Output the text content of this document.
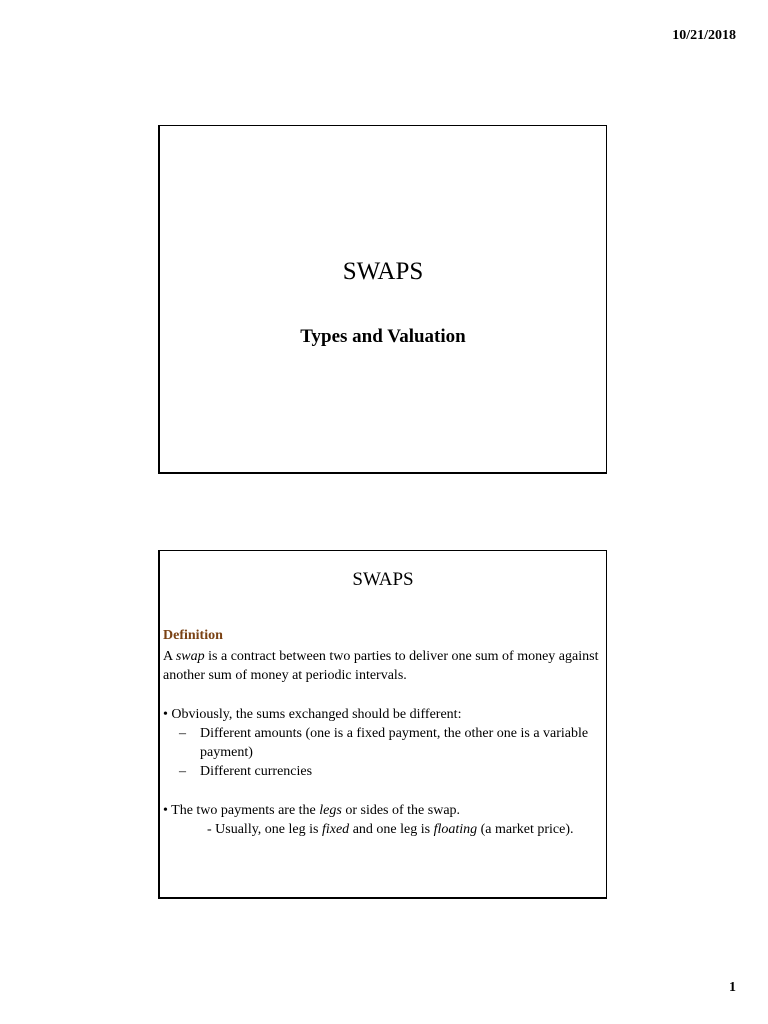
10/21/2018
SWAPS
Types and Valuation
SWAPS

Definition

A swap is a contract between two parties to deliver one sum of money against another sum of money at periodic intervals.

• Obviously, the sums exchanged should be different:

– Different amounts (one is a fixed payment, the other one is a variable payment)
– Different currencies

• The two payments are the legs or sides of the swap.

- Usually, one leg is fixed and one leg is floating (a market price).

1
